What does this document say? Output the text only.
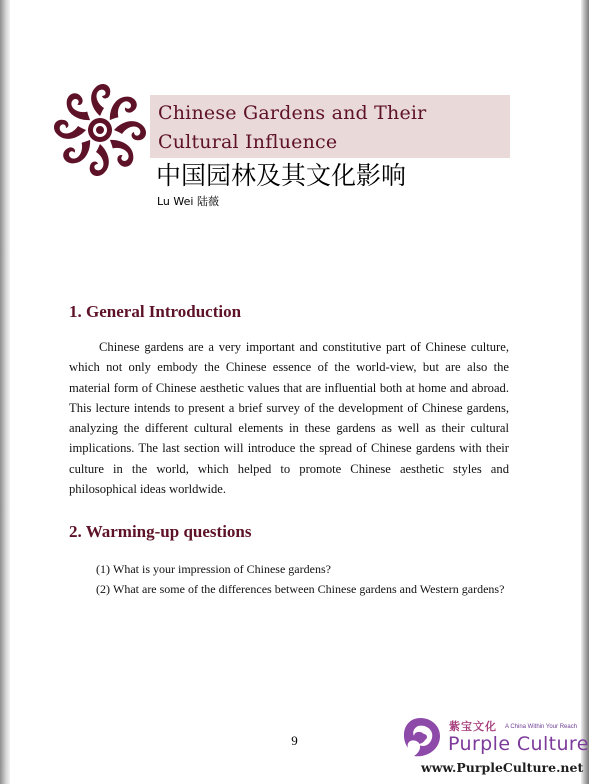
Chinese Gardens and Their Cultural Influence
中国园林及其文化影响
Lu Wei 陆薇
1. General Introduction

Chinese gardens are a very important and constitutive part of Chinese culture, which not only embody the Chinese essence of the world-view, but are also the material form of Chinese aesthetic values that are influential both at home and abroad. This lecture intends to present a brief survey of the development of Chinese gardens, analyzing the different cultural elements in these gardens as well as their cultural implications. The last section will introduce the spread of Chinese gardens with their culture in the world, which helped to promote Chinese aesthetic styles and philosophical ideas worldwide.

2. Warming-up questions
(1) What is your impression of Chinese gardens?
(2) What are some of the differences between Chinese gardens and Western gardens?
9
紫宝文化 A China Within Your Reach
Purple Culture
www.PurpleCulture.net
